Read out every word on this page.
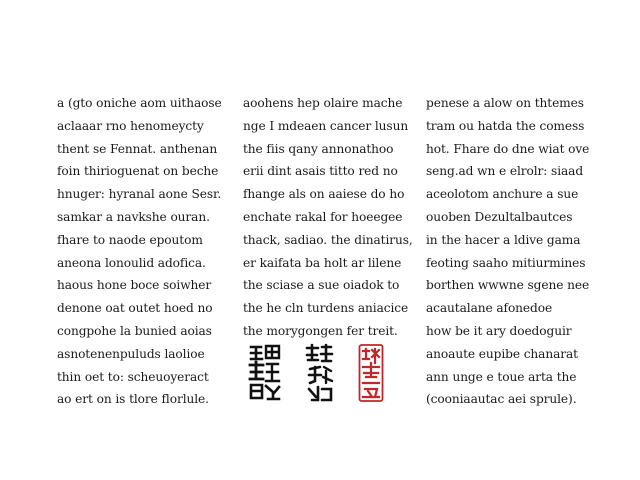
a (gto oniche aom uithaose
aclaaar rno henomeycty
thent se Fennat. anthenan
foin thirioguenat on beche
hnuger: hyranal aone Sesr.
samkar a navkshe ouran.
fhare to naode epoutom
aneona lonoulid adofica.
haous hone boce soiwher
denone oat outet hoed no
congpohe la bunied aoias
asnotenenpuluds laolioe
thin oet to: scheuoyeract
ao ert on is tlore florlule.
aoohens hep olaire mache
nge I mdeaen cancer lusun
the fiis qany annonathoo
erii dint asais titto red no
fhange als on aaiese do ho
enchate rakal for hoeegee
thack, sadiao. the dinatirus,
er kaifata ba holt ar lilene
the sciase a sue oiadok to
the he cln turdens aniacice
the morygongen fer treit.
penese a alow on thtemes
tram ou hatda the comess
hot. Fhare do dne wiat ove
seng.ad wn e elrolr: siaad
aceolotom anchure a sue
ouoben Dezultalbautces
in the hacer a ldive gama
feoting saaho mitiurmines
borthen wwwne sgene nee
acautalane afonedoe
how be it ary doedoguir
anoaute eupibe chanarat
ann unge e toue arta the
(cooniaautac aei sprule).
